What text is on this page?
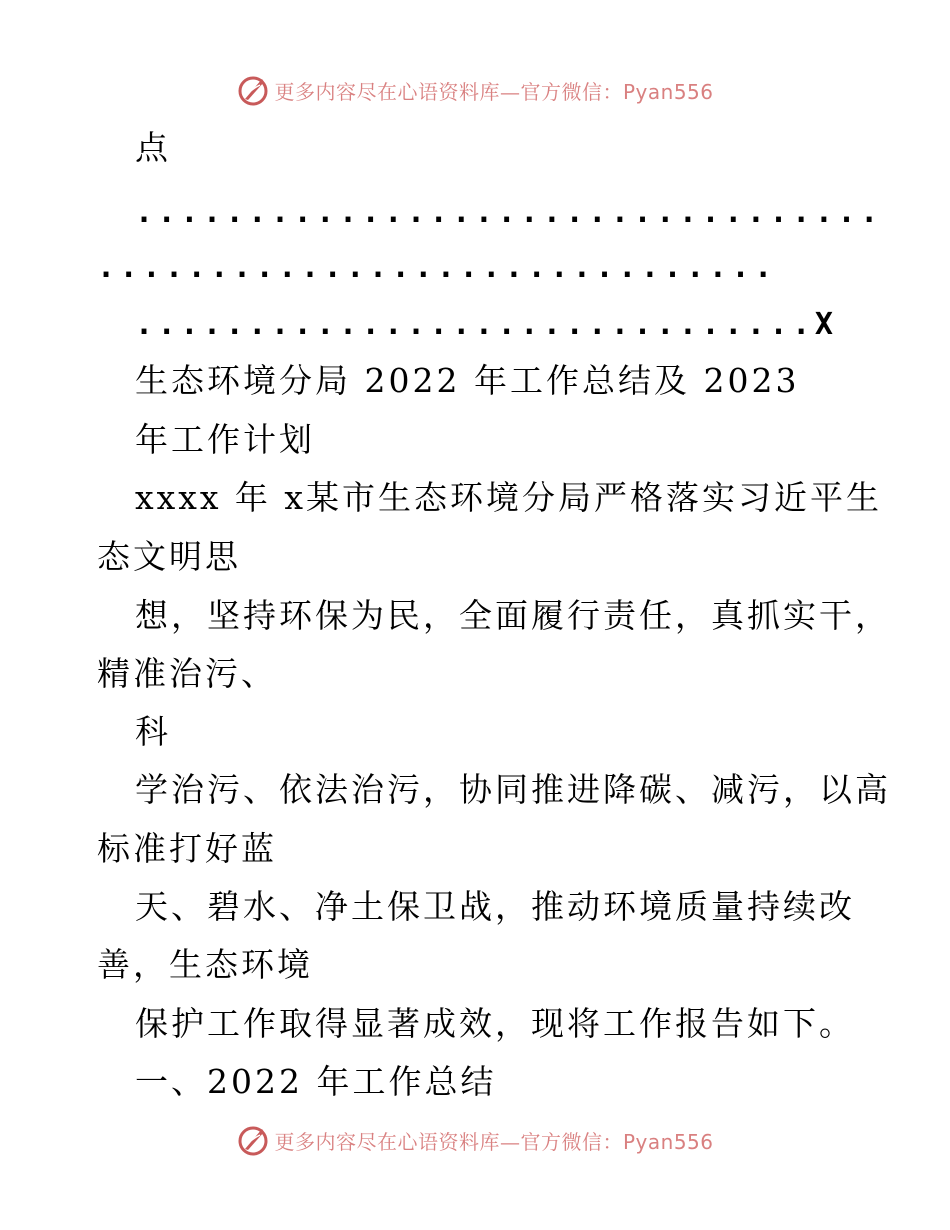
更多内容尽在心语资料库—官方微信：Pyan556
点
.................................
..............................
..............................X
生态环境分局 2022 年工作总结及 2023
年工作计划
xxxx 年 x某市生态环境分局严格落实习近平生
态文明思
想，坚持环保为民，全面履行责任，真抓实干，
精准治污、
科
学治污、依法治污，协同推进降碳、减污，以高
标准打好蓝
天、碧水、净土保卫战，推动环境质量持续改
善，生态环境
保护工作取得显著成效，现将工作报告如下。
一、2022 年工作总结
更多内容尽在心语资料库—官方微信：Pyan556
